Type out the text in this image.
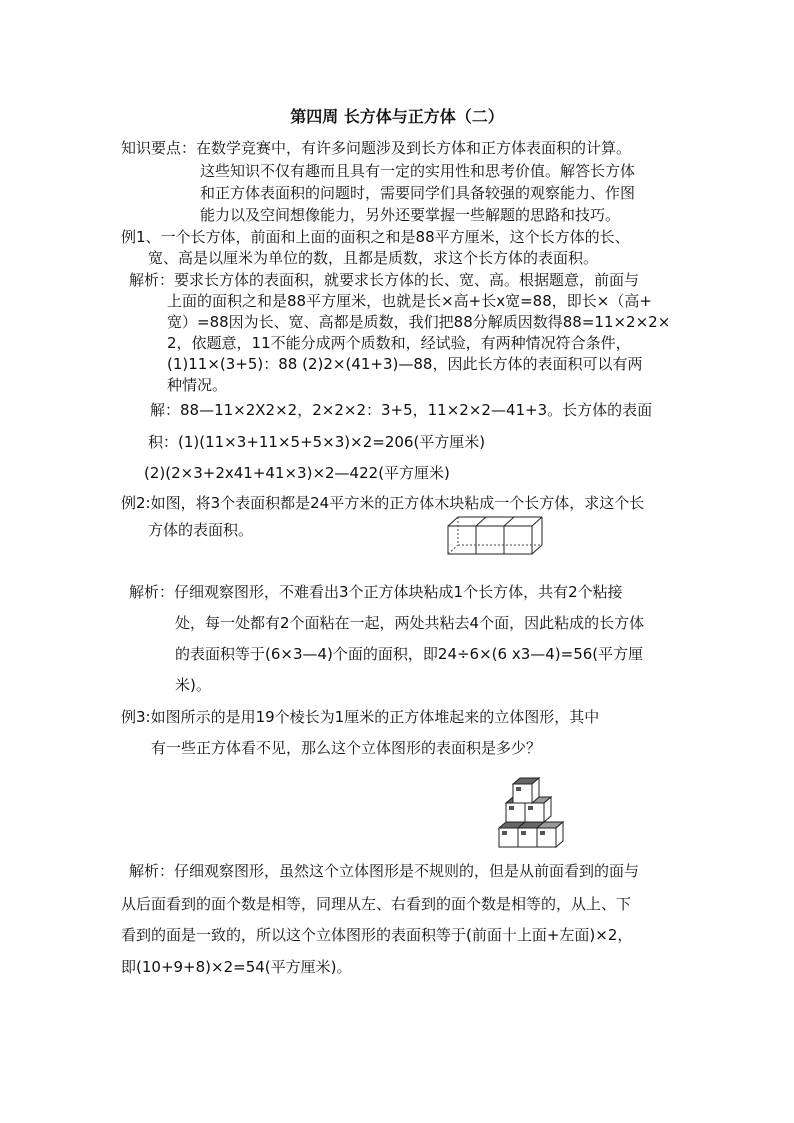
第四周 长方体与正方体（二）
知识要点：在数学竞赛中，有许多问题涉及到长方体和正方体表面积的计算。
这些知识不仅有趣而且具有一定的实用性和思考价值。解答长方体
和正方体表面积的问题时，需要同学们具备较强的观察能力、作图
能力以及空间想像能力，另外还要掌握一些解题的思路和技巧。
例1、一个长方体，前面和上面的面积之和是88平方厘米，这个长方体的长、
宽、高是以厘米为单位的数，且都是质数，求这个长方体的表面积。
解析：要求长方体的表面积，就要求长方体的长、宽、高。根据题意，前面与
上面的面积之和是88平方厘米，也就是长×高+长x宽=88，即长×（高+
宽）=88因为长、宽、高都是质数，我们把88分解质因数得88=11×2×2×
2，依题意，11不能分成两个质数和，经试验，有两种情况符合条件，
(1)11×(3+5)：88 (2)2×(41+3)—88，因此长方体的表面积可以有两
种情况。
解：88—11×2X2×2，2×2×2：3+5，11×2×2—41+3。长方体的表面
积：(1)(11×3+11×5+5×3)×2=206(平方厘米)
(2)(2×3+2x41+41×3)×2—422(平方厘米)
例2:如图，将3个表面积都是24平方米的正方体木块粘成一个长方体，求这个长
方体的表面积。
解析：仔细观察图形，不难看出3个正方体块粘成1个长方体，共有2个粘接
处，每一处都有2个面粘在一起，两处共粘去4个面，因此粘成的长方体
的表面积等于(6×3—4)个面的面积，即24÷6×(6 x3—4)=56(平方厘
米)。
例3:如图所示的是用19个棱长为1厘米的正方体堆起来的立体图形，其中
有一些正方体看不见，那么这个立体图形的表面积是多少？
解析：仔细观察图形，虽然这个立体图形是不规则的，但是从前面看到的面与
从后面看到的面个数是相等，同理从左、右看到的面个数是相等的，从上、下
看到的面是一致的，所以这个立体图形的表面积等于(前面十上面+左面)×2，
即(10+9+8)×2=54(平方厘米)。
